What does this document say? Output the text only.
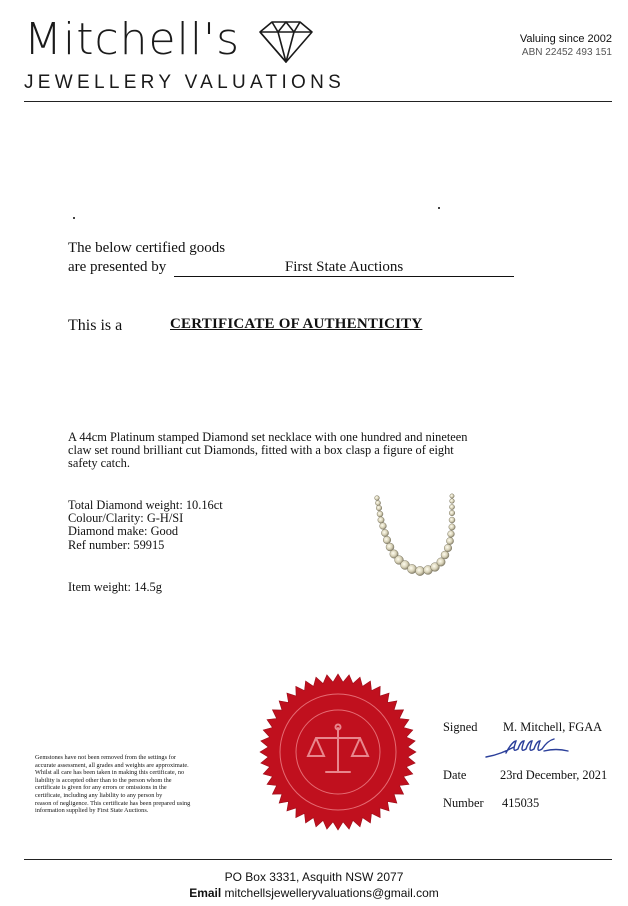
Mitchell's
JEWELLERY VALUATIONS
Valuing since 2002
ABN 22452 493 151
The below certified goods
are presented by	First State Auctions
This is a	CERTIFICATE OF AUTHENTICITY
A 44cm Platinum stamped Diamond set necklace with one hundred and nineteen
claw set round brilliant cut Diamonds, fitted with a box clasp a figure of eight
safety catch.
Total Diamond weight: 10.16ct
Colour/Clarity: G-H/SI
Diamond make: Good
Ref number: 59915
Item weight: 14.5g
Gemstones have not been removed from the settings for
accurate assessment, all grades and weights are approximate.
Whilst all care has been taken in making this certificate, no
liability is accepted other than to the person whom the
certificate is given for any errors or omissions in the
certificate, including any liability to any person by
reason of negligence. This certificate has been prepared using
information supplied by First State Auctions.
Signed M. Mitchell, FGAA
Date	23rd December, 2021
Number 415035
PO Box 3331, Asquith NSW 2077
Email mitchellsjewelleryvaluations@gmail.com
